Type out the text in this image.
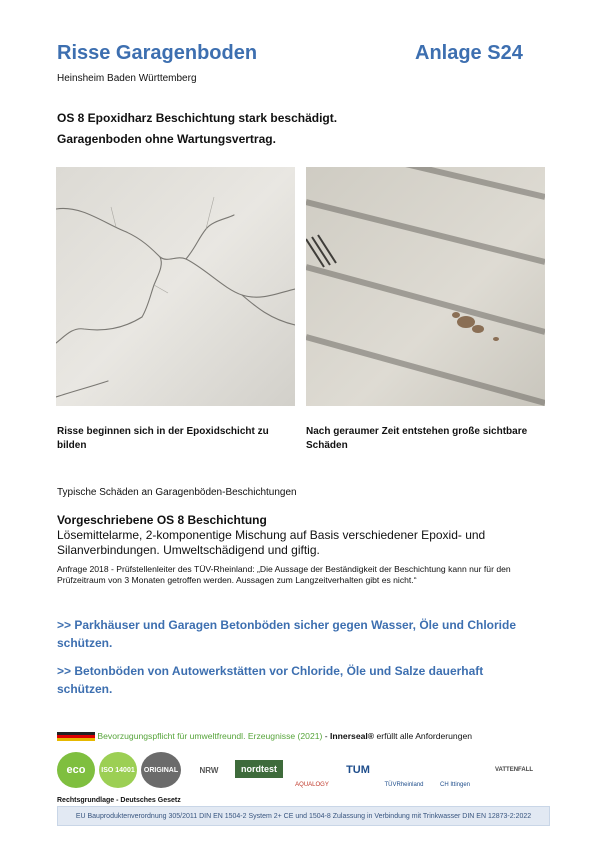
Risse Garagenboden	Anlage S24
Heinsheim Baden Württemberg
OS 8 Epoxidharz Beschichtung stark beschädigt.
Garagenboden ohne Wartungsvertrag.
Risse beginnen sich in der Epoxidschicht zu bilden
Nach geraumer Zeit entstehen große sichtbare Schäden
Typische Schäden an Garagenböden-Beschichtungen
Vorgeschriebene OS 8 Beschichtung
Lösemittelarme, 2-komponentige Mischung auf Basis verschiedener Epoxid- und Silanverbindungen. Umweltschädigend und giftig.
Anfrage 2018 - Prüfstellenleiter des TÜV-Rheinland: „Die Aussage der Beständigkeit der Beschichtung kann nur für den Prüfzeitraum von 3 Monaten getroffen werden. Aussagen zum Langzeitverhalten gibt es nicht.“
>> Parkhäuser und Garagen Betonböden sicher gegen Wasser, Öle und Chloride schützen.
>> Betonböden von Autowerkstätten vor Chloride, Öle und Salze dauerhaft schützen.
Bevorzugungspflicht für umweltfreundl. Erzeugnisse (2021) - Innerseal® erfüllt alle Anforderungen
eco	ISO 14001	ORIGINAL	NRW	nordtest
AQUALOGY
TUM
TÜVRheinland	CH Ittingen
VATTENFALL
Rechtsgrundlage - Deutsches Gesetz
EU Bauproduktenverordnung 305/2011 DIN EN 1504-2 System 2+ CE und 1504-8 Zulassung in Verbindung mit Trinkwasser DIN EN 12873-2:2022
